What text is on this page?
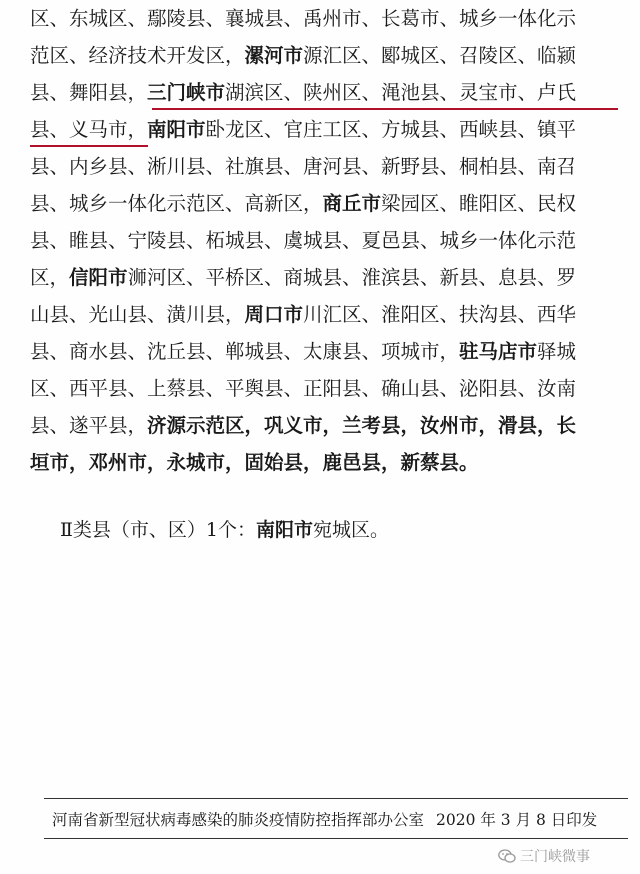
区、东城区、鄢陵县、襄城县、禹州市、长葛市、城乡一体化示
范区、经济技术开发区，漯河市源汇区、郾城区、召陵区、临颍
县、舞阳县，三门峡市湖滨区、陕州区、渑池县、灵宝市、卢氏
县、义马市，南阳市卧龙区、官庄工区、方城县、西峡县、镇平
县、内乡县、淅川县、社旗县、唐河县、新野县、桐柏县、南召
县、城乡一体化示范区、高新区，商丘市梁园区、睢阳区、民权
县、睢县、宁陵县、柘城县、虞城县、夏邑县、城乡一体化示范
区，信阳市浉河区、平桥区、商城县、淮滨县、新县、息县、罗
山县、光山县、潢川县，周口市川汇区、淮阳区、扶沟县、西华
县、商水县、沈丘县、郸城县、太康县、项城市，驻马店市驿城
区、西平县、上蔡县、平舆县、正阳县、确山县、泌阳县、汝南
县、遂平县，济源示范区，巩义市，兰考县，汝州市，滑县，长
垣市，邓州市，永城市，固始县，鹿邑县，新蔡县。
Ⅱ类县（市、区）1个：南阳市宛城区。
河南省新型冠状病毒感染的肺炎疫情防控指挥部办公室 2020 年 3 月 8 日印发
三门峡微事
